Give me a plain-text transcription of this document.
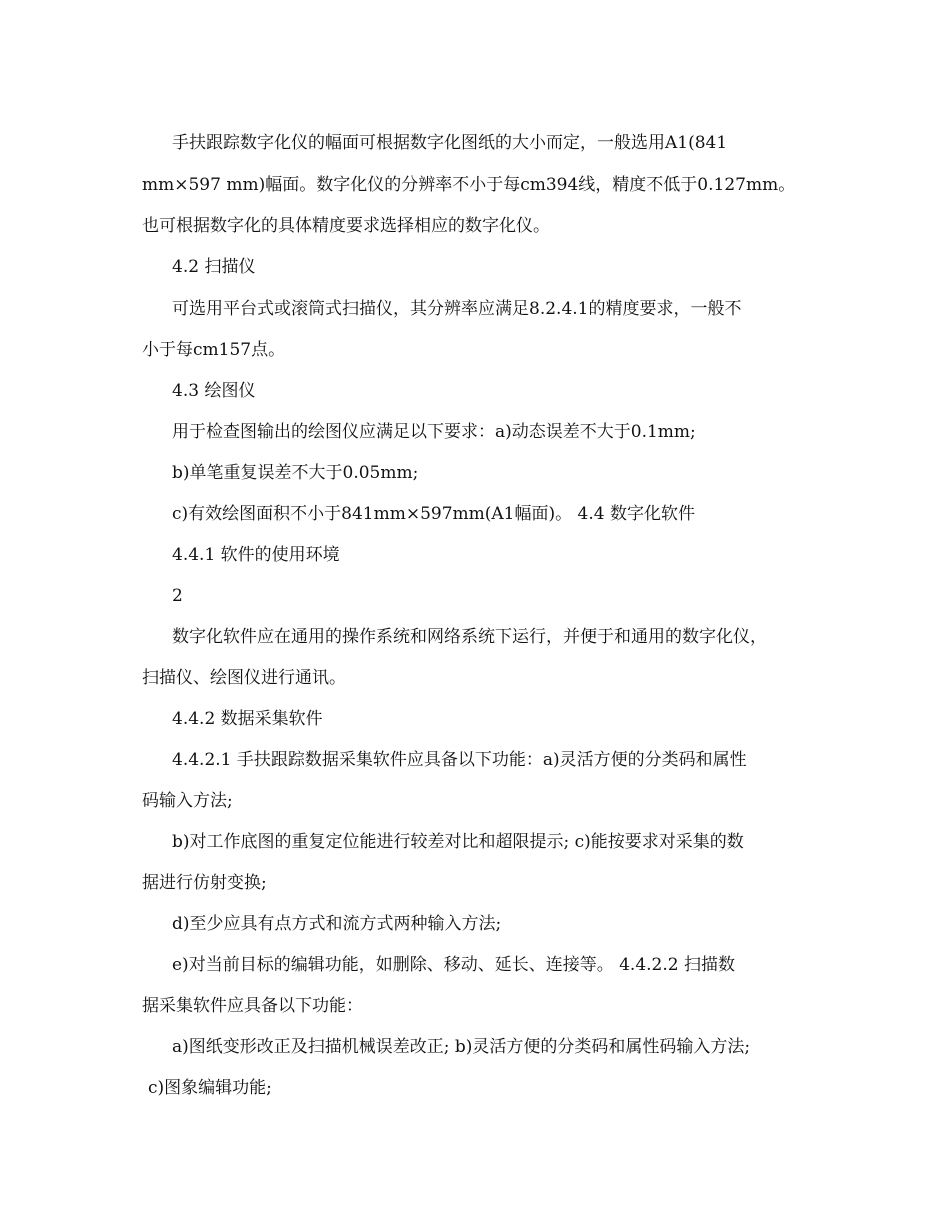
手扶跟踪数字化仪的幅面可根据数字化图纸的大小而定，一般选用A1(841
mm×597 mm)幅面。数字化仪的分辨率不小于每cm394线，精度不低于0.127mm。
也可根据数字化的具体精度要求选择相应的数字化仪。
4.2 扫描仪
可选用平台式或滚筒式扫描仪，其分辨率应满足8.2.4.1的精度要求，一般不
小于每cm157点。
4.3 绘图仪
用于检查图输出的绘图仪应满足以下要求：a)动态误差不大于0.1mm;
b)单笔重复误差不大于0.05mm;
c)有效绘图面积不小于841mm×597mm(A1幅面)。 4.4 数字化软件
4.4.1 软件的使用环境
2
数字化软件应在通用的操作系统和网络系统下运行，并便于和通用的数字化仪，
扫描仪、绘图仪进行通讯。
4.4.2 数据采集软件
4.4.2.1 手扶跟踪数据采集软件应具备以下功能：a)灵活方便的分类码和属性
码输入方法;
b)对工作底图的重复定位能进行较差对比和超限提示; c)能按要求对采集的数
据进行仿射变换;
d)至少应具有点方式和流方式两种输入方法;
e)对当前目标的编辑功能，如删除、移动、延长、连接等。 4.4.2.2 扫描数
据采集软件应具备以下功能：
a)图纸变形改正及扫描机械误差改正; b)灵活方便的分类码和属性码输入方法;
c)图象编辑功能;
